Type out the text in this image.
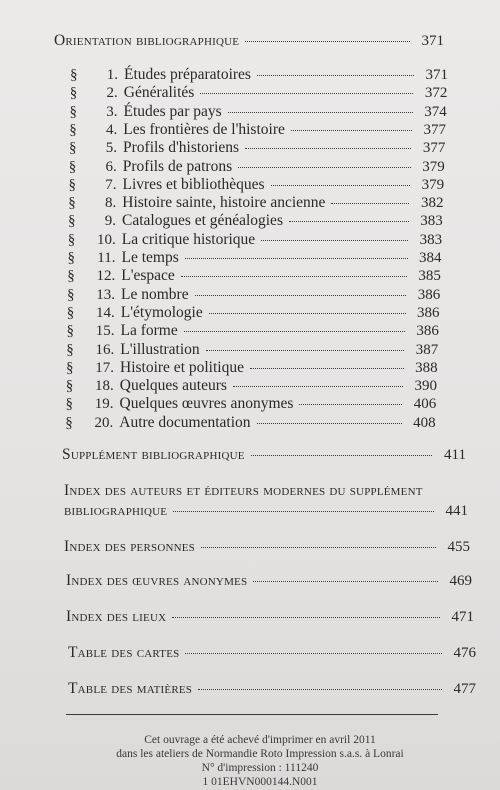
Orientation bibliographique	371
§	1. Études préparatoires	371
§	2. Généralités	372
§	3. Études par pays	374
§	4. Les frontières de l'histoire	377
§	5. Profils d'historiens	377
§	6. Profils de patrons	379
§	7. Livres et bibliothèques	379
§	8. Histoire sainte, histoire ancienne	382
§	9. Catalogues et généalogies	383
§	10. La critique historique	383
§	11. Le temps	384
§	12. L'espace	385
§	13. Le nombre	386
§	14. L'étymologie	386
§	15. La forme	386
§	16. L'illustration	387
§	17. Histoire et politique	388
§	18. Quelques auteurs	390
§	19. Quelques œuvres anonymes	406
§	20. Autre documentation	408
Supplément bibliographique	411
Index des auteurs et éditeurs modernes du supplément
bibliographique	441
Index des personnes	455
Index des œuvres anonymes	469
Index des lieux	471
Table des cartes	476
Table des matières	477
Cet ouvrage a été achevé d'imprimer en avril 2011
dans les ateliers de Normandie Roto Impression s.a.s. à Lonrai
N° d'impression : 111240
1 01EHVN000144.N001
